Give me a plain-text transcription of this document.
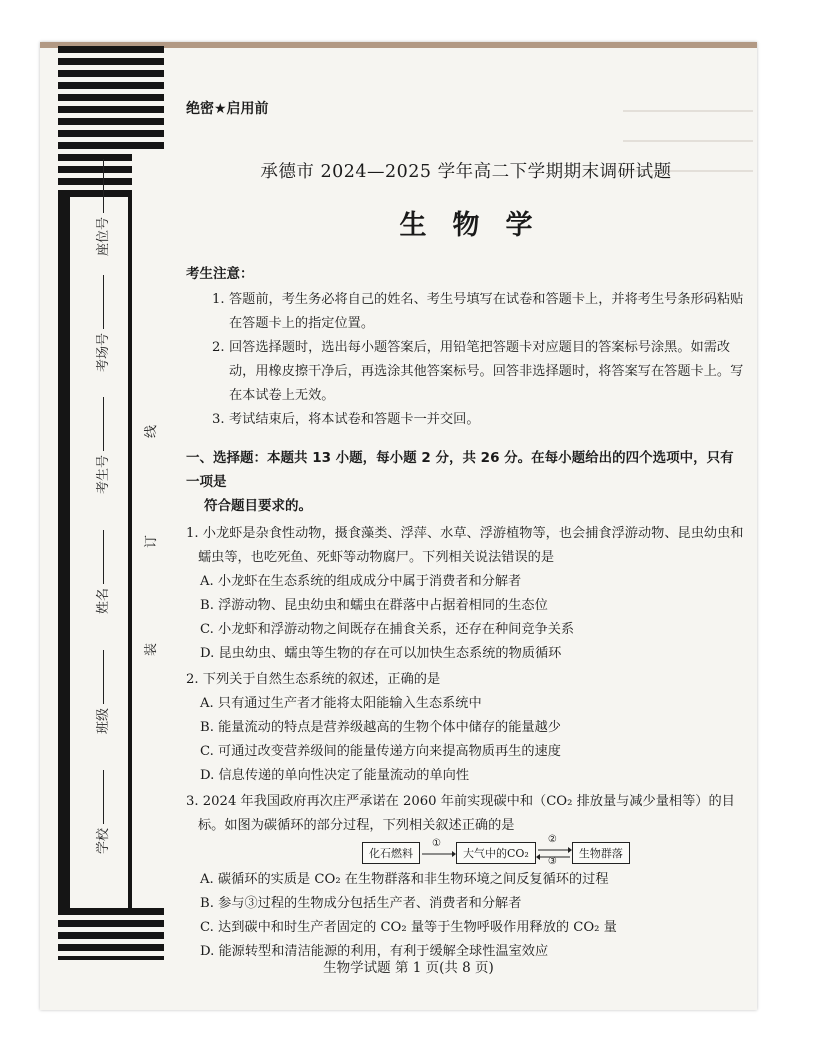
学校
班级
姓名
考生号
考场号
座位号
装
订
线

绝密★启用前

承德市 2024—2025 学年高二下学期期末调研试题

生物学

考生注意：

1. 答题前，考生务必将自己的姓名、考生号填写在试卷和答题卡上，并将考生号条形码粘贴在答题卡上的指定位置。

2. 回答选择题时，选出每小题答案后，用铅笔把答题卡对应题目的答案标号涂黑。如需改动，用橡皮擦干净后，再选涂其他答案标号。回答非选择题时，将答案写在答题卡上。写在本试卷上无效。

3. 考试结束后，将本试卷和答题卡一并交回。

一、选择题：本题共 13 小题，每小题 2 分，共 26 分。在每小题给出的四个选项中，只有一项是
符合题目要求的。

1. 小龙虾是杂食性动物，摄食藻类、浮萍、水草、浮游植物等，也会捕食浮游动物、昆虫幼虫和
蠕虫等，也吃死鱼、死虾等动物腐尸。下列相关说法错误的是

A. 小龙虾在生态系统的组成成分中属于消费者和分解者

B. 浮游动物、昆虫幼虫和蠕虫在群落中占据着相同的生态位

C. 小龙虾和浮游动物之间既存在捕食关系，还存在种间竞争关系

D. 昆虫幼虫、蠕虫等生物的存在可以加快生态系统的物质循环

2. 下列关于自然生态系统的叙述，正确的是

A. 只有通过生产者才能将太阳能输入生态系统中

B. 能量流动的特点是营养级越高的生物个体中储存的能量越少

C. 可通过改变营养级间的能量传递方向来提高物质再生的速度

D. 信息传递的单向性决定了能量流动的单向性

3. 2024 年我国政府再次庄严承诺在 2060 年前实现碳中和（CO₂ 排放量与减少量相等）的目
标。如图为碳循环的部分过程，下列相关叙述正确的是

化石燃料
①
大气中的CO₂
②
③
生物群落

A. 碳循环的实质是 CO₂ 在生物群落和非生物环境之间反复循环的过程

B. 参与③过程的生物成分包括生产者、消费者和分解者

C. 达到碳中和时生产者固定的 CO₂ 量等于生物呼吸作用释放的 CO₂ 量

D. 能源转型和清洁能源的利用，有利于缓解全球性温室效应

生物学试题 第 1 页(共 8 页)
